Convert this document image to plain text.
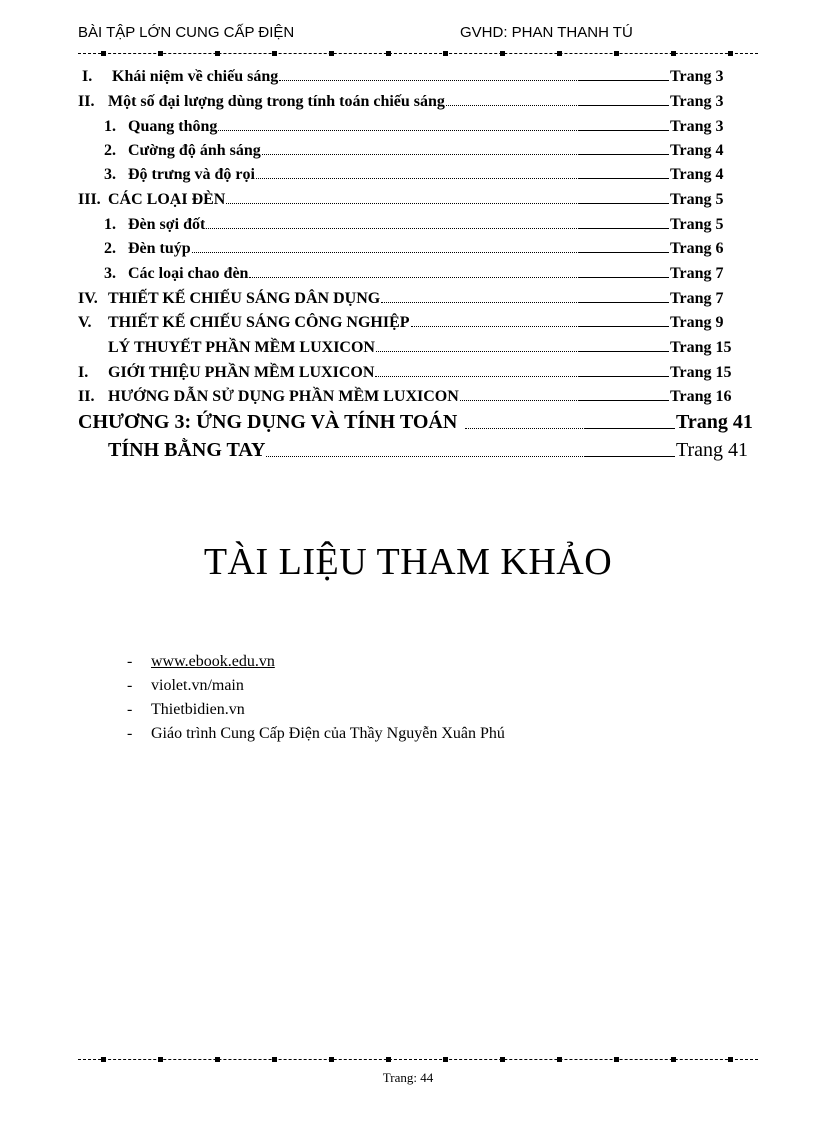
BÀI TẬP LỚN CUNG CẤP ĐIỆN	GVHD: PHAN THANH TÚ
I.	Khái niệm về chiếu sáng	Trang 3
II. Một số đại lượng dùng trong tính toán chiếu sáng	Trang 3
1. Quang thông	Trang 3
2. Cường độ ánh sáng	Trang 4
3. Độ trưng và độ rọi	Trang 4
III. CÁC LOẠI ĐÈN	Trang 5
1. Đèn sợi đốt	Trang 5
2. Đèn tuýp	Trang 6
3. Các loại chao đèn	Trang 7
IV. THIẾT KẾ CHIẾU SÁNG DÂN DỤNG	Trang 7
V.	THIẾT KẾ CHIẾU SÁNG CÔNG NGHIỆP	Trang 9
LÝ THUYẾT PHẦN MỀM LUXICON	Trang 15
I.	GIỚI THIỆU PHẦN MỀM LUXICON	Trang 15
II. HƯỚNG DẪN SỬ DỤNG PHẦN MỀM LUXICON	Trang 16
CHƯƠNG 3: ỨNG DỤNG VÀ TÍNH TOÁN	Trang 41
TÍNH BẰNG TAY	Trang 41
TÀI LIỆU THAM KHẢO
-	www.ebook.edu.vn
-	violet.vn/main
-	Thietbidien.vn
-	Giáo trình Cung Cấp Điện của Thầy Nguyễn Xuân Phú
Trang: 44
